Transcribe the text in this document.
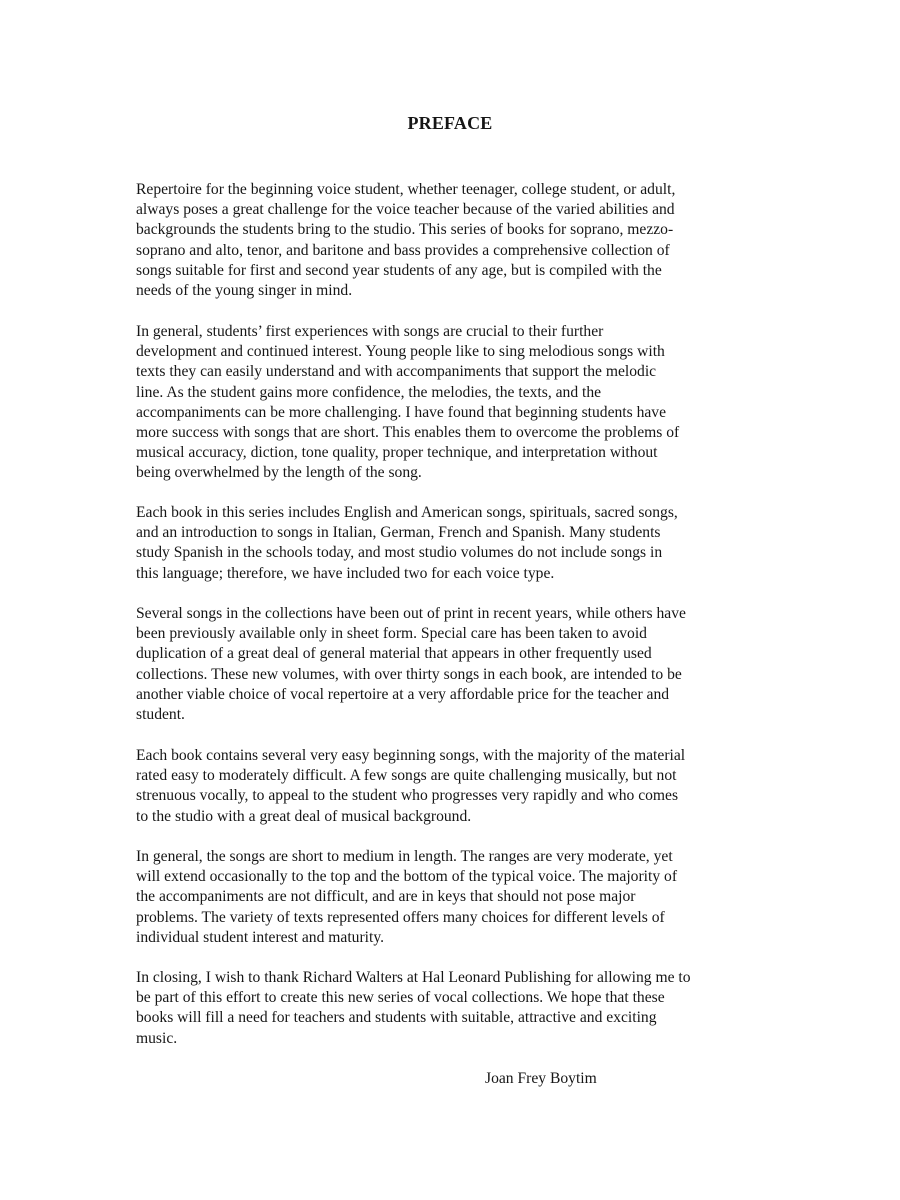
PREFACE
Repertoire for the beginning voice student, whether teenager, college student, or adult,
always poses a great challenge for the voice teacher because of the varied abilities and
backgrounds the students bring to the studio. This series of books for soprano, mezzo-
soprano and alto, tenor, and baritone and bass provides a comprehensive collection of
songs suitable for first and second year students of any age, but is compiled with the
needs of the young singer in mind.
In general, students’ first experiences with songs are crucial to their further
development and continued interest. Young people like to sing melodious songs with
texts they can easily understand and with accompaniments that support the melodic
line. As the student gains more confidence, the melodies, the texts, and the
accompaniments can be more challenging. I have found that beginning students have
more success with songs that are short. This enables them to overcome the problems of
musical accuracy, diction, tone quality, proper technique, and interpretation without
being overwhelmed by the length of the song.
Each book in this series includes English and American songs, spirituals, sacred songs,
and an introduction to songs in Italian, German, French and Spanish. Many students
study Spanish in the schools today, and most studio volumes do not include songs in
this language; therefore, we have included two for each voice type.
Several songs in the collections have been out of print in recent years, while others have
been previously available only in sheet form. Special care has been taken to avoid
duplication of a great deal of general material that appears in other frequently used
collections. These new volumes, with over thirty songs in each book, are intended to be
another viable choice of vocal repertoire at a very affordable price for the teacher and
student.
Each book contains several very easy beginning songs, with the majority of the material
rated easy to moderately difficult. A few songs are quite challenging musically, but not
strenuous vocally, to appeal to the student who progresses very rapidly and who comes
to the studio with a great deal of musical background.
In general, the songs are short to medium in length. The ranges are very moderate, yet
will extend occasionally to the top and the bottom of the typical voice. The majority of
the accompaniments are not difficult, and are in keys that should not pose major
problems. The variety of texts represented offers many choices for different levels of
individual student interest and maturity.
In closing, I wish to thank Richard Walters at Hal Leonard Publishing for allowing me to
be part of this effort to create this new series of vocal collections. We hope that these
books will fill a need for teachers and students with suitable, attractive and exciting
music.
Joan Frey Boytim
